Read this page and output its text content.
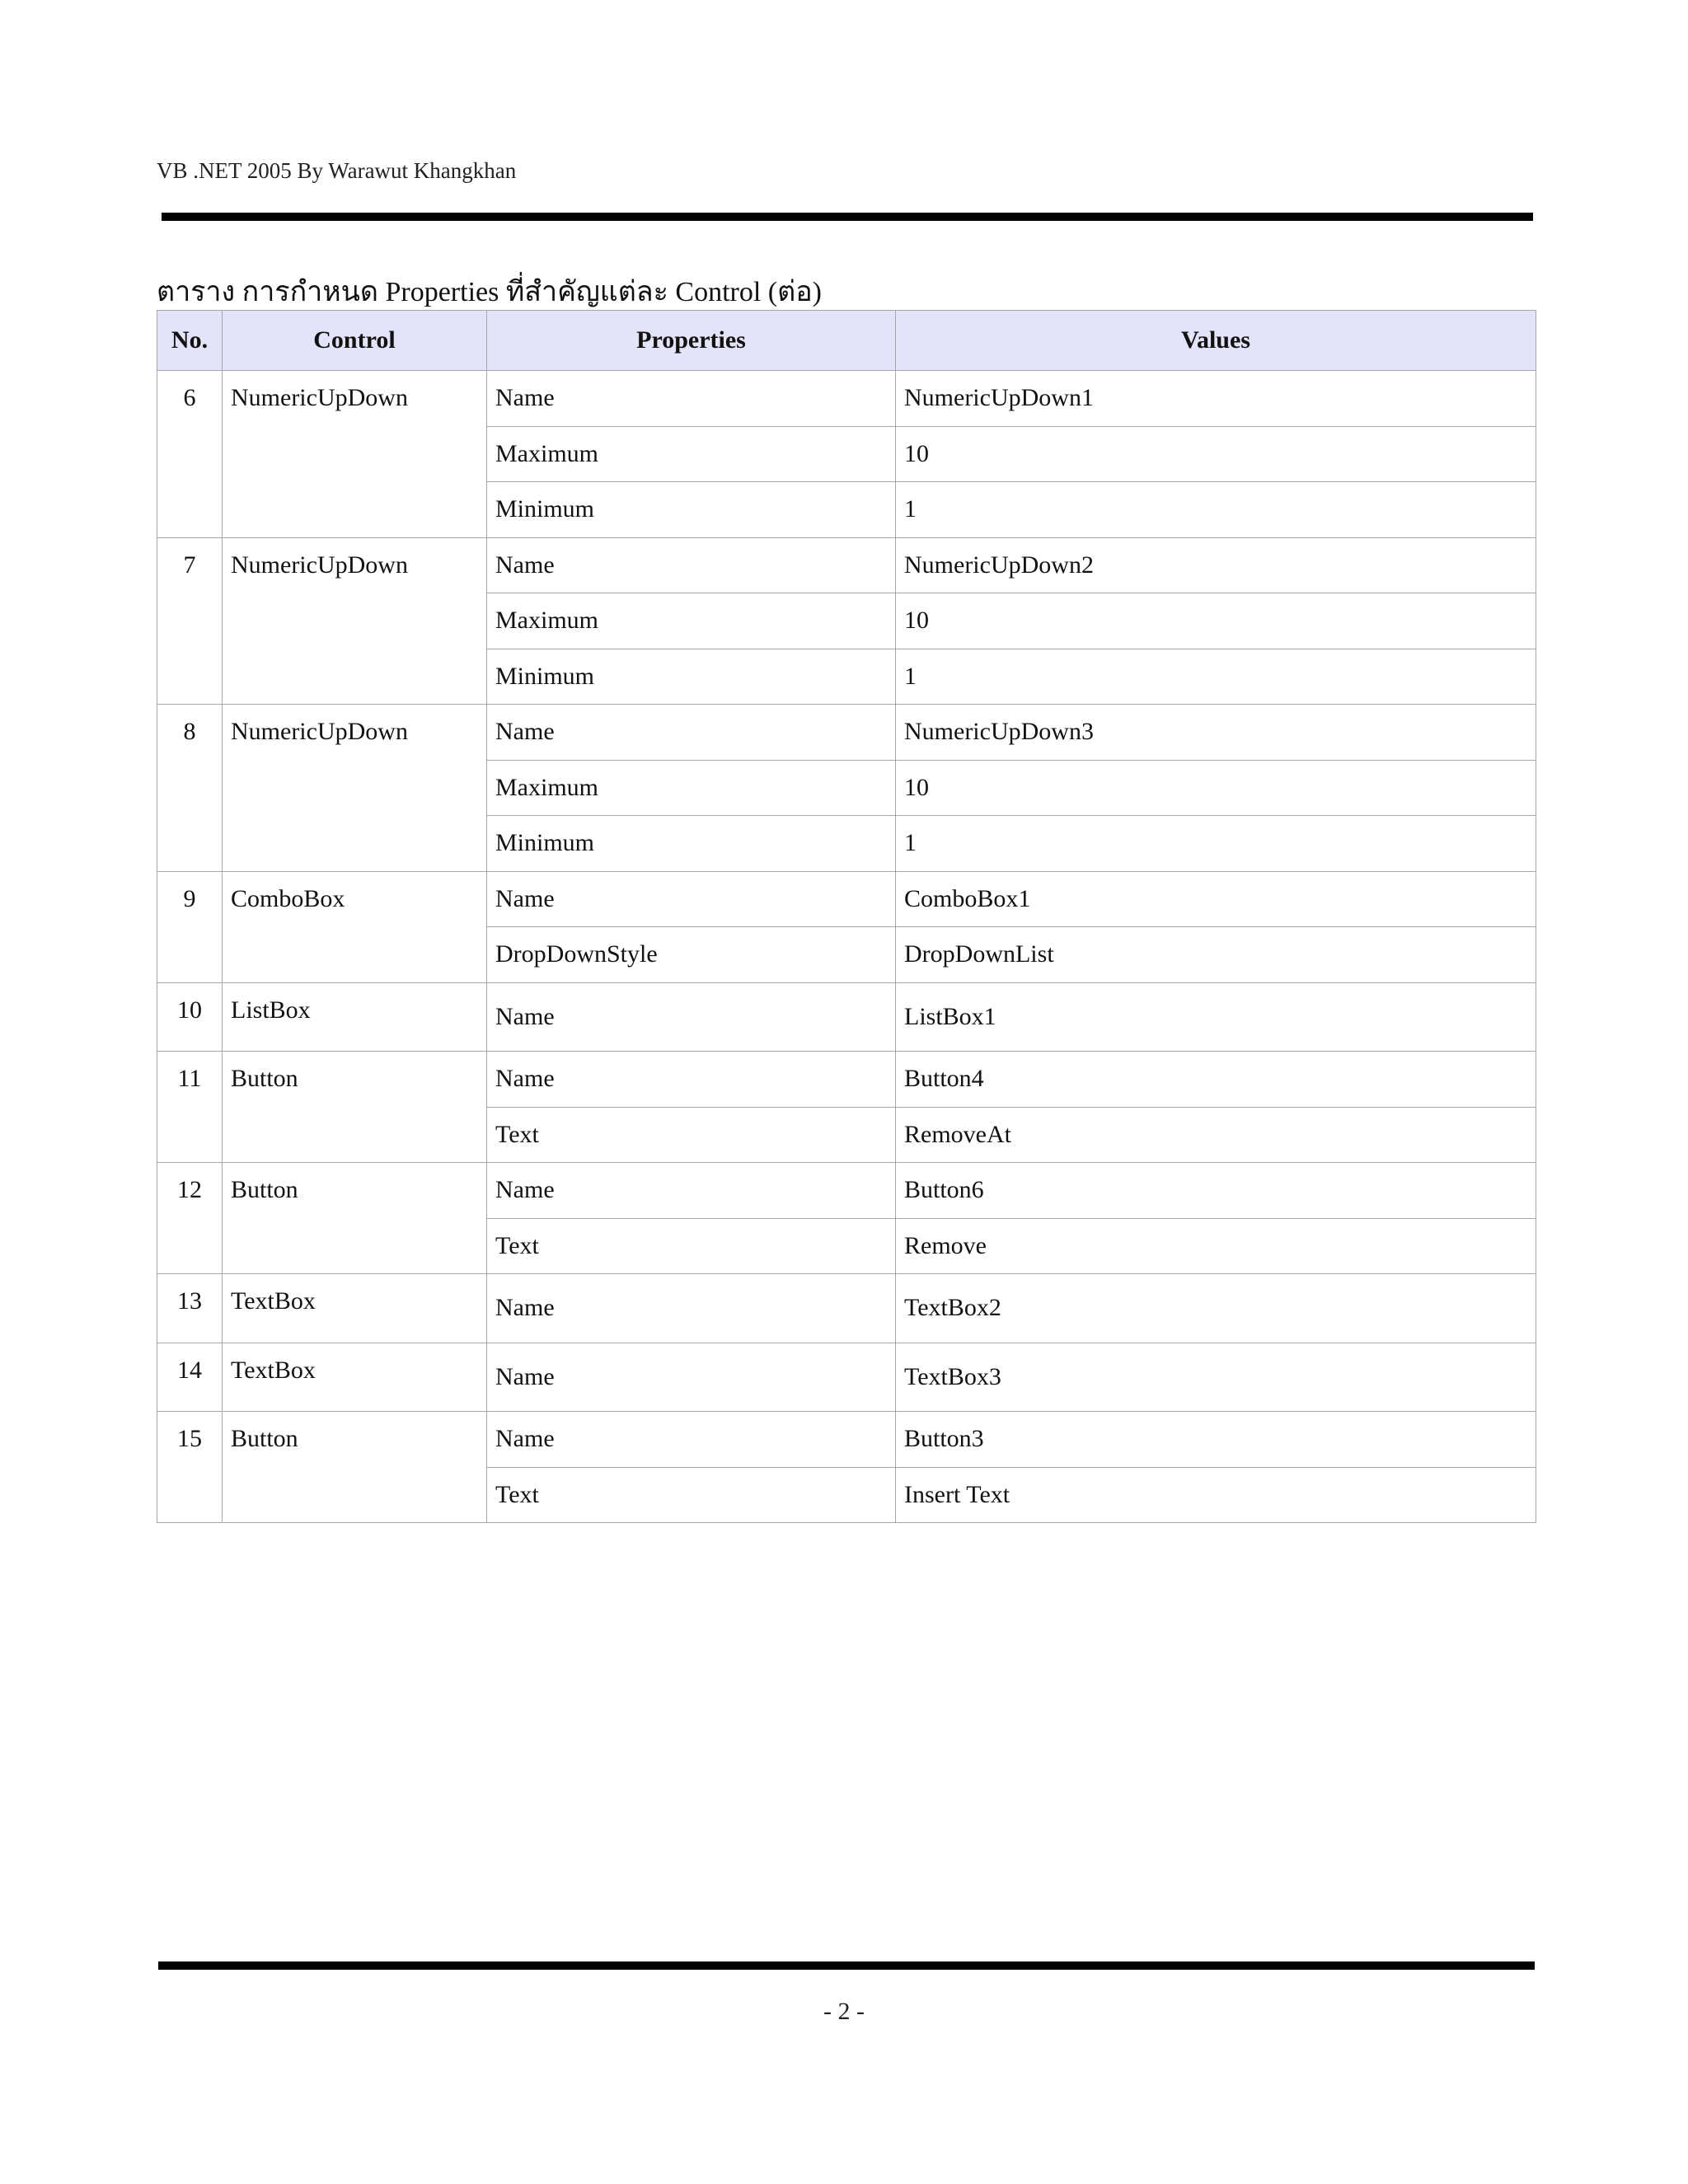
VB .NET 2005 By Warawut Khangkhan
ตาราง การกำหนด Properties ที่สำคัญแต่ละ Control (ต่อ)
No.	Control	Properties	Values
6	NumericUpDown	Name	NumericUpDown1
		Maximum	10
		Minimum	1
7	NumericUpDown	Name	NumericUpDown2
		Maximum	10
		Minimum	1
8	NumericUpDown	Name	NumericUpDown3
		Maximum	10
		Minimum	1
9	ComboBox	Name	ComboBox1
		DropDownStyle	DropDownList
10	ListBox	Name	ListBox1
11	Button	Name	Button4
		Text	RemoveAt
12	Button	Name	Button6
		Text	Remove
13	TextBox	Name	TextBox2
14	TextBox	Name	TextBox3
15	Button	Name	Button3
		Text	Insert Text
- 2 -
